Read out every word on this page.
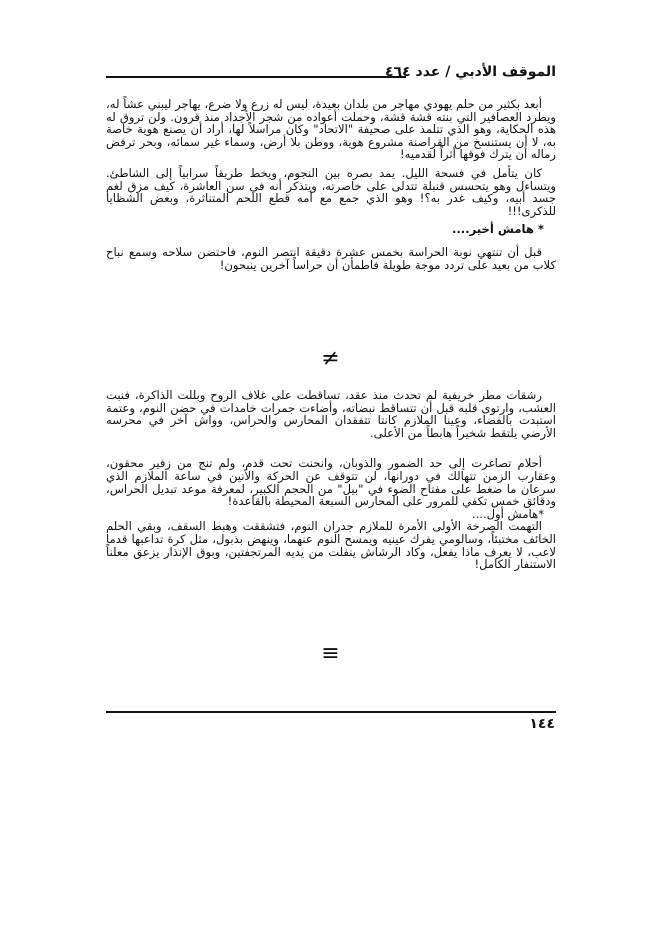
الموقف الأدبي / عدد ٤٦٤

أبعد بكثير من حلم يهودي مهاجر من بلدان بعيدة، ليس له زرع ولا ضرع، يهاجر ليبني عشاً له، ويطرد العصافير التي بنته قشة قشة، وحملت أعواده من شجر الأجداد منذ قرون. ولن تروق له هذه الحكاية، وهو الذي تتلمذ على صحيفة "الاتحاد" وكان مراسلاً لها، أراد أن يصنع هوية خاصة به، لا أن يستنسخ من القراصنة مشروع هوية، ووطن بلا أرض، وسماء غير سمائه، وبحر ترفض رماله أن يترك فوقها أثراً لقدميه!

كان يتأمل في فسحة الليل. يمد بصره بين النجوم، ويخط طريقاً سرابياً إلى الشاطئ. ويتساءل وهو يتحسس قنبلة تتدلى على خاصرته، ويتذكر أنه في سن العاشرة، كيف مزق لغم جسد أبيه، وكيف غدر به؟! وهو الذي جمع مع أمه قطع اللحم المتناثرة، وبعض الشظايا للذكرى!!!

* هامش أخير....

قبل أن تنتهي نوبة الحراسة بخمس عشرة دقيقة انتصر النوم، فاحتضن سلاحه وسمع نباح كلاب من بعيد على تردد موجة طويلة فاطمأن أن حراساً آخرين ينبحون!

≠

رشقات مطر خريفية لم تحدث منذ عقد، تساقطت على غلاف الروح وبللت الذاكرة، فنبت العشب، وارتوى قلبه قبل أن تتساقط نبضاته، وأضاءت جمرات خامدات في حضن النوم، وعتمة استبدت بالفضاء، وعينا الملازم كانتا تتفقدان المحارس والحراس، وواش آخر في محرسه الأرضي يلتقط شخيراً هابطاً من الأعلى.

أحلام تصاغرت إلى حد الضمور والذوبان، وانحنت تحت قدم، ولم تنج من زفير محقون، وعقارب الزمن تتهالك في دورانها، لن تتوقف عن الحركة والأنين في ساعة الملازم الذي سرعان ما ضغط على مفتاح الضوء في "بيل" من الحجم الكبير، لمعرفة موعد تبديل الحراس، ودقائق خمس تكفي للمرور على المحارس السبعة المحيطة بالقاعدة!

*هامش أول....

التهمت الصرخة الأولى الأمرة للملازم جدران النوم، فتشققت وهبط السقف، وبقي الحلم الخائف مختبئاً، وسالومي يفرك عينيه ويمسح النوم عنهما، وينهض بذبول، مثل كرة تداعبها قدما لاعب، لا يعرف ماذا يفعل، وكاد الرشاش ينفلت من يديه المرتجفتين، وبوق الإنذار يزعق معلناً الاستنفار الكامل!

≡
١٤٤
